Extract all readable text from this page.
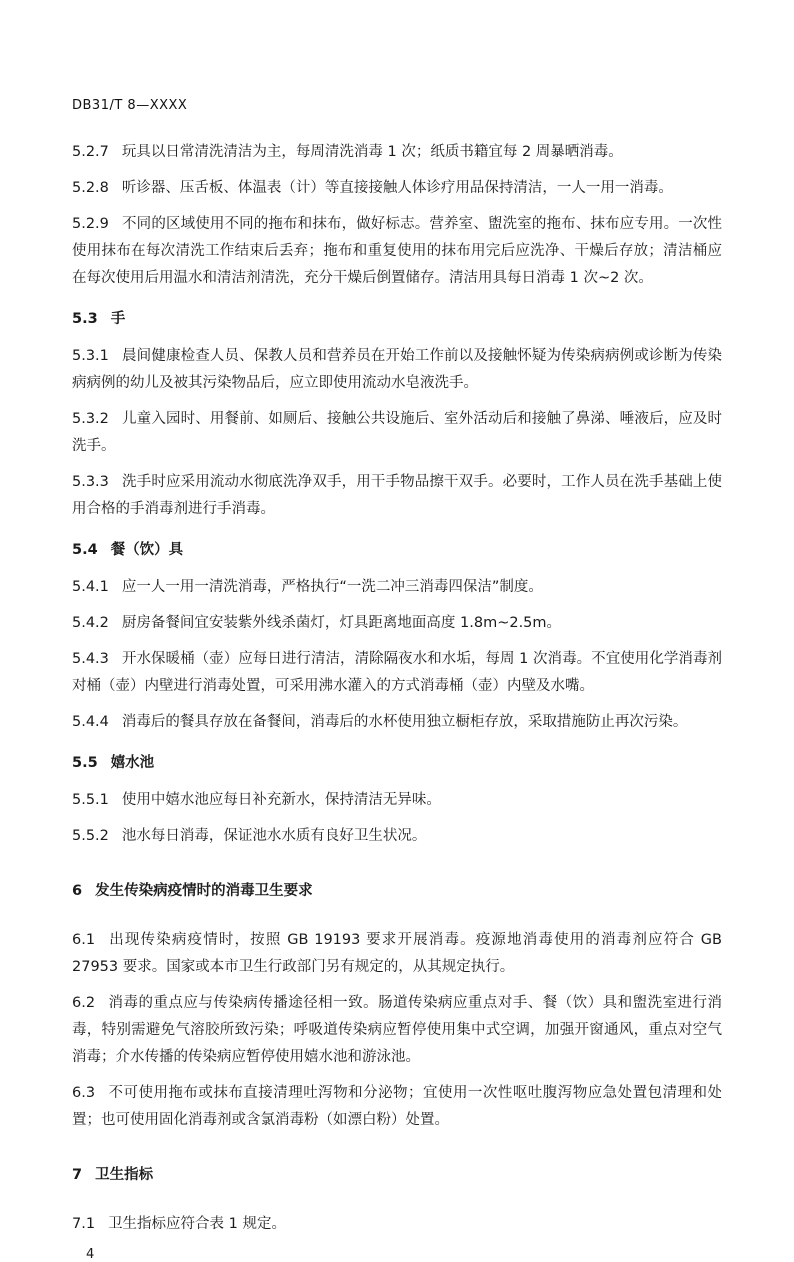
DB31/T 8—XXXX

5.2.7 玩具以日常清洗清洁为主，每周清洗消毒 1 次；纸质书籍宜每 2 周暴晒消毒。

5.2.8 听诊器、压舌板、体温表（计）等直接接触人体诊疗用品保持清洁，一人一用一消毒。

5.2.9 不同的区域使用不同的拖布和抹布，做好标志。营养室、盥洗室的拖布、抹布应专用。一次性使用抹布在每次清洗工作结束后丢弃；拖布和重复使用的抹布用完后应洗净、干燥后存放；清洁桶应在每次使用后用温水和清洁剂清洗，充分干燥后倒置储存。清洁用具每日消毒 1 次~2 次。

5.3 手

5.3.1 晨间健康检查人员、保教人员和营养员在开始工作前以及接触怀疑为传染病病例或诊断为传染病病例的幼儿及被其污染物品后，应立即使用流动水皂液洗手。

5.3.2 儿童入园时、用餐前、如厕后、接触公共设施后、室外活动后和接触了鼻涕、唾液后，应及时洗手。

5.3.3 洗手时应采用流动水彻底洗净双手，用干手物品擦干双手。必要时，工作人员在洗手基础上使用合格的手消毒剂进行手消毒。

5.4 餐（饮）具

5.4.1 应一人一用一清洗消毒，严格执行“一洗二冲三消毒四保洁”制度。

5.4.2 厨房备餐间宜安装紫外线杀菌灯，灯具距离地面高度 1.8m~2.5m。

5.4.3 开水保暖桶（壶）应每日进行清洁，清除隔夜水和水垢，每周 1 次消毒。不宜使用化学消毒剂对桶（壶）内壁进行消毒处置，可采用沸水灌入的方式消毒桶（壶）内壁及水嘴。

5.4.4 消毒后的餐具存放在备餐间，消毒后的水杯使用独立橱柜存放，采取措施防止再次污染。

5.5 嬉水池

5.5.1 使用中嬉水池应每日补充新水，保持清洁无异味。

5.5.2 池水每日消毒，保证池水水质有良好卫生状况。

6 发生传染病疫情时的消毒卫生要求

6.1 出现传染病疫情时，按照 GB 19193 要求开展消毒。疫源地消毒使用的消毒剂应符合 GB 27953 要求。国家或本市卫生行政部门另有规定的，从其规定执行。

6.2 消毒的重点应与传染病传播途径相一致。肠道传染病应重点对手、餐（饮）具和盥洗室进行消毒，特别需避免气溶胶所致污染；呼吸道传染病应暂停使用集中式空调，加强开窗通风，重点对空气消毒；介水传播的传染病应暂停使用嬉水池和游泳池。

6.3 不可使用拖布或抹布直接清理吐泻物和分泌物；宜使用一次性呕吐腹泻物应急处置包清理和处置；也可使用固化消毒剂或含氯消毒粉（如漂白粉）处置。

7 卫生指标

7.1 卫生指标应符合表 1 规定。

4
